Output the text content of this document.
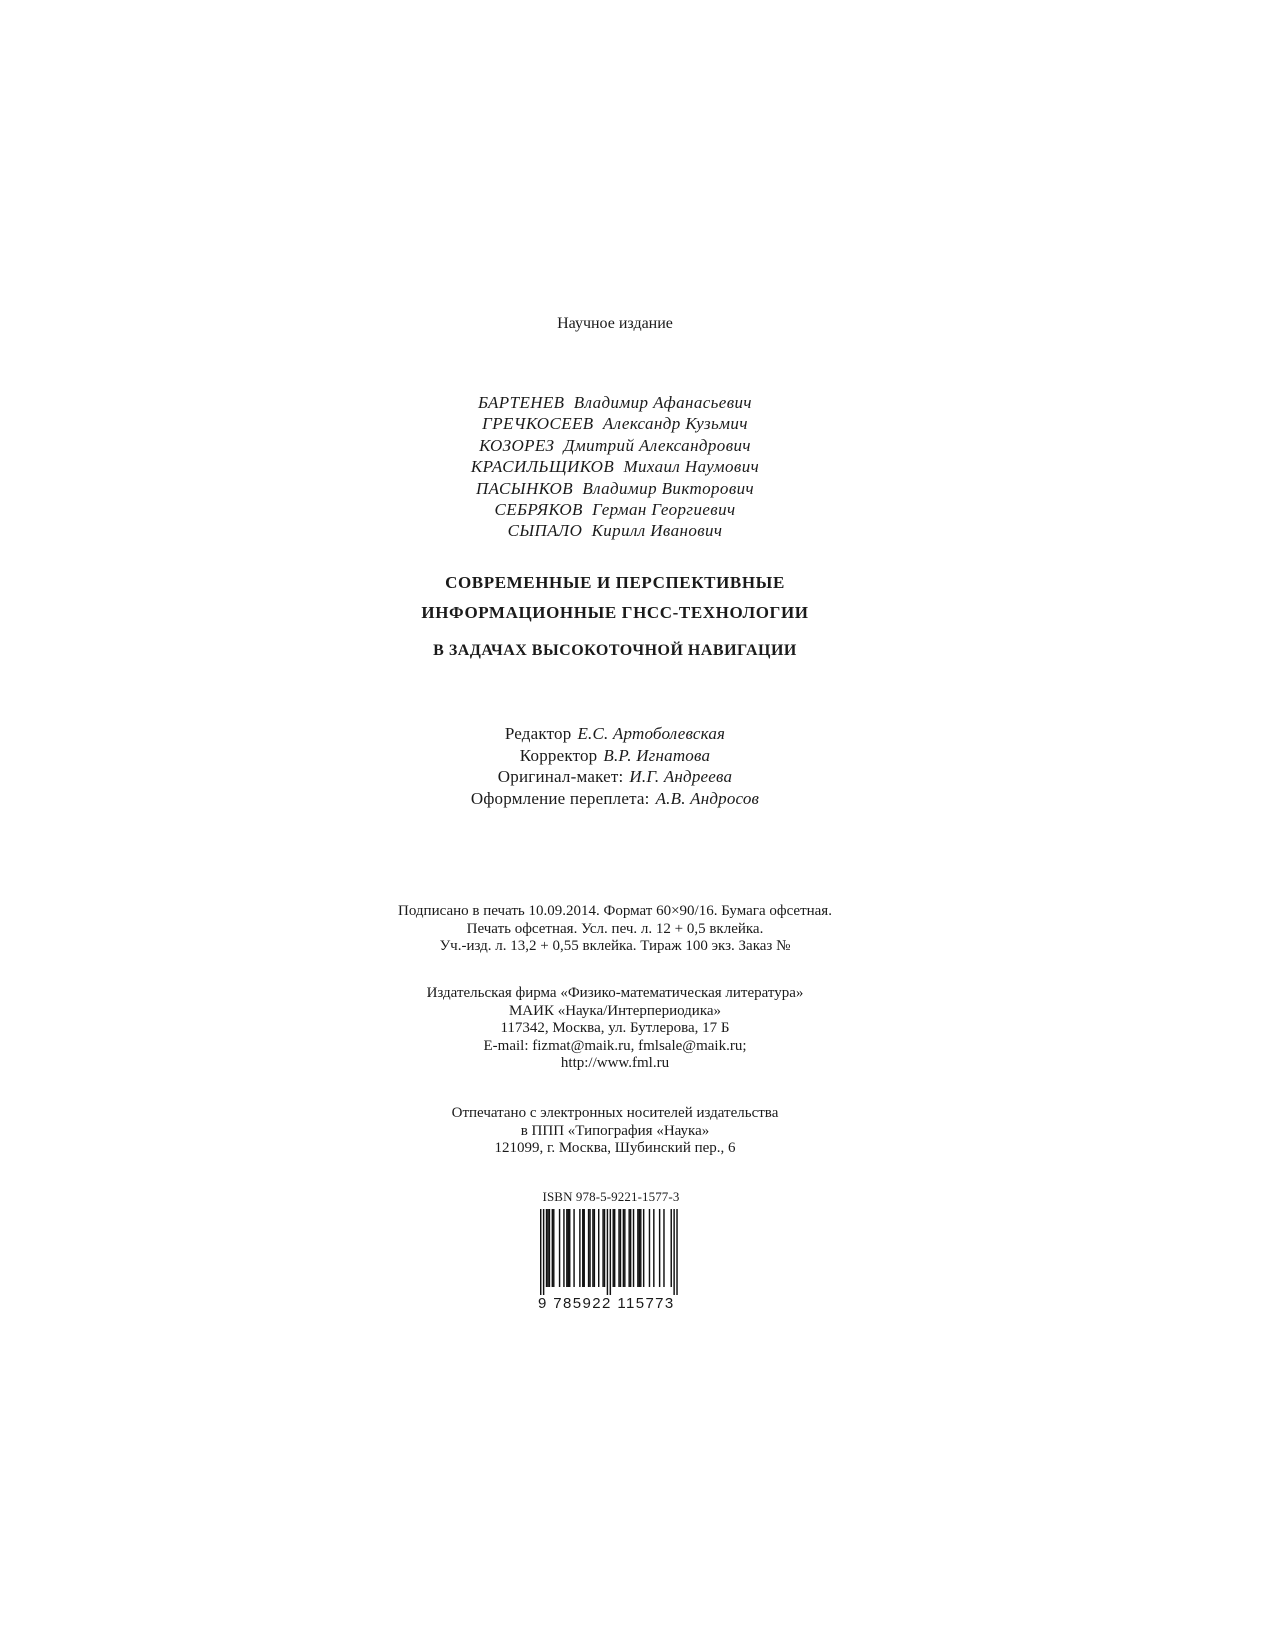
Научное издание
БАРТЕНЕВ Владимир Афанасьевич
ГРЕЧКОСЕЕВ Александр Кузьмич
КОЗОРЕЗ Дмитрий Александрович
КРАСИЛЬЩИКОВ Михаил Наумович
ПАСЫНКОВ Владимир Викторович
СЕБРЯКОВ Герман Георгиевич
СЫПАЛО Кирилл Иванович
СОВРЕМЕННЫЕ И ПЕРСПЕКТИВНЫЕ
ИНФОРМАЦИОННЫЕ ГНСС-ТЕХНОЛОГИИ
В ЗАДАЧАХ ВЫСОКОТОЧНОЙ НАВИГАЦИИ
Редактор Е.С. Артоболевская
Корректор В.Р. Игнатова
Оригинал-макет: И.Г. Андреева
Оформление переплета: А.В. Андросов
Подписано в печать 10.09.2014. Формат 60×90/16. Бумага офсетная.
Печать офсетная. Усл. печ. л. 12 + 0,5 вклейка.
Уч.-изд. л. 13,2 + 0,55 вклейка. Тираж 100 экз. Заказ №
Издательская фирма «Физико-математическая литература»
МАИК «Наука/Интерпериодика»
117342, Москва, ул. Бутлерова, 17 Б
E-mail: fizmat@maik.ru, fmlsale@maik.ru;
http://www.fml.ru
Отпечатано с электронных носителей издательства
в ППП «Типография «Наука»
121099, г. Москва, Шубинский пер., 6
ISBN 978-5-9221-1577-3
9 785922 115773
